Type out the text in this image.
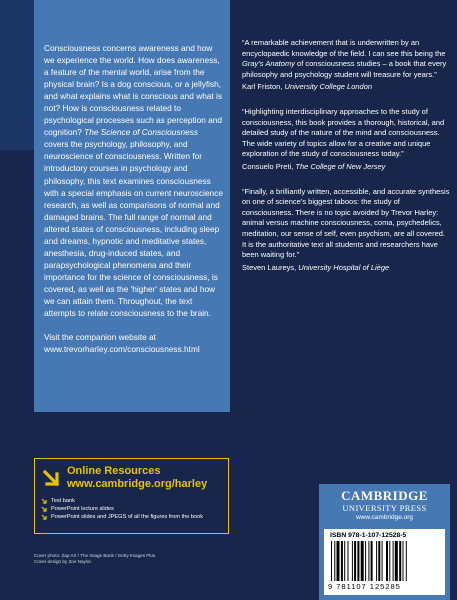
Consciousness concerns awareness and how we experience the world. How does awareness, a feature of the mental world, arise from the physical brain? Is a dog conscious, or a jellyfish, and what explains what is conscious and what is not? How is consciousness related to psychological processes such as perception and cognition? The Science of Consciousness covers the psychology, philosophy, and neuroscience of consciousness. Written for introductory courses in psychology and philosophy, this text examines consciousness with a special emphasis on current neuroscience research, as well as comparisons of normal and damaged brains. The full range of normal and altered states of consciousness, including sleep and dreams, hypnotic and meditative states, anesthesia, drug-induced states, and parapsychological phenomena and their importance for the science of consciousness, is covered, as well as the 'higher' states and how we can attain them. Throughout, the text attempts to relate consciousness to the brain.

Visit the companion website at www.trevorharley.com/consciousness.html

“A remarkable achievement that is underwritten by an encyclopaedic knowledge of the field. I can see this being the Gray’s Anatomy of consciousness studies – a book that every philosophy and psychology student will treasure for years.”

Karl Friston, University College London

“Highlighting interdisciplinary approaches to the study of consciousness, this book provides a thorough, historical, and detailed study of the nature of the mind and consciousness. The wide variety of topics allow for a creative and unique exploration of the study of consciousness today.”

Consuelo Preti, The College of New Jersey

“Finally, a brilliantly written, accessible, and accurate synthesis on one of science’s biggest taboos: the study of consciousness. There is no topic avoided by Trevor Harley: animal versus machine consciousness, coma, psychedelics, meditation, our sense of self, even psychism, are all covered. It is the authoritative text all students and researchers have been waiting for.”

Steven Laureys, University Hospital of Liège
Online Resources
www.cambridge.org/harley
Test bank
PowerPoint lecture slides
PowerPoint slides and JPEGS of all the figures from the book
Cover photo: Zap Art / The Image Bank / Getty Images Plus.
Cover design by Zoe Naylor.
CAMBRIDGE
UNIVERSITY PRESS
www.cambridge.org
ISBN 978-1-107-12528-5
9 781107 125285
